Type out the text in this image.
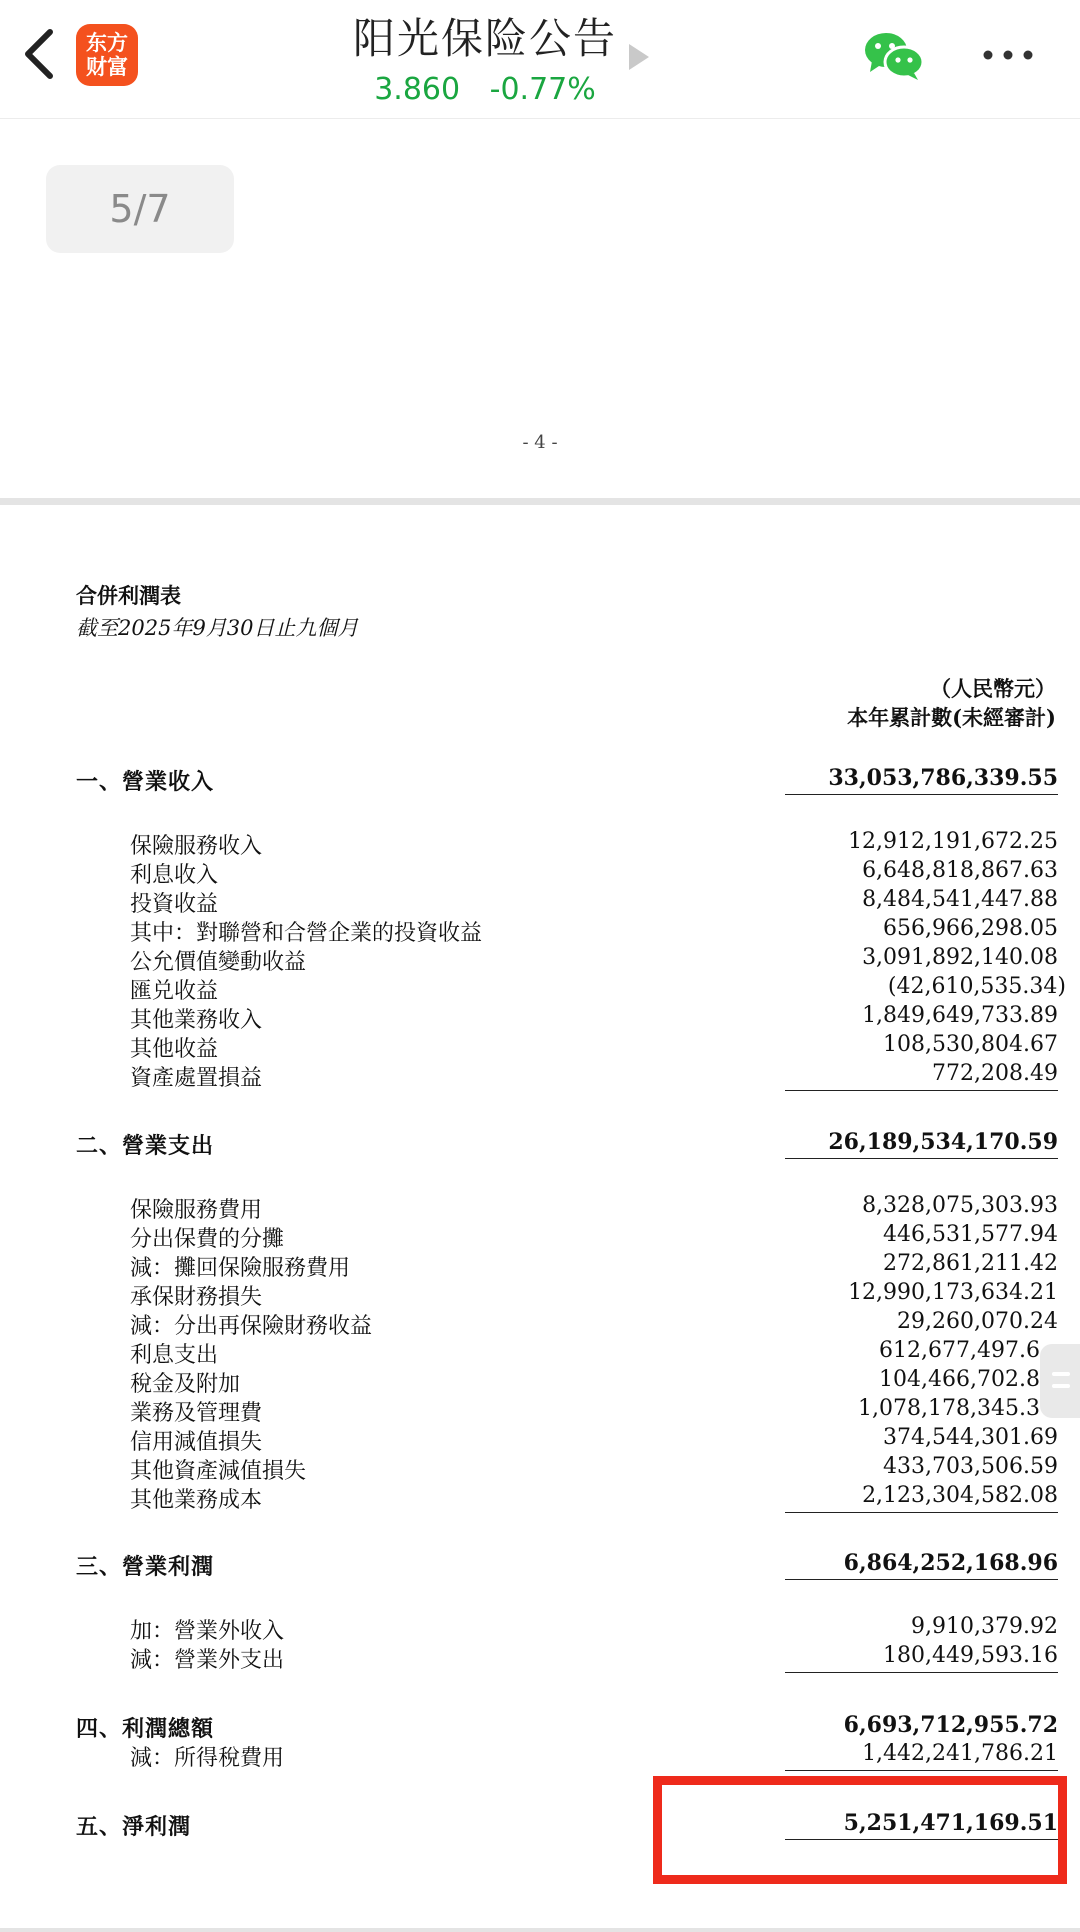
东方
财富
阳光保险公告
3.860 -0.77%
5/7
- 4 -
合併利潤表
截至2025年9月30日止九個月
（人民幣元）
本年累計數(未經審計)
一、營業收入	33,053,786,339.55
保險服務收入	12,912,191,672.25
利息收入	6,648,818,867.63
投資收益	8,484,541,447.88
其中：對聯營和合營企業的投資收益	656,966,298.05
公允價值變動收益	3,091,892,140.08
匯兑收益	(42,610,535.34)
其他業務收入	1,849,649,733.89
其他收益	108,530,804.67
資產處置損益	772,208.49
二、營業支出	26,189,534,170.59
保險服務費用	8,328,075,303.93
分出保費的分攤	446,531,577.94
減：攤回保險服務費用	272,861,211.42
承保財務損失	12,990,173,634.21
減：分出再保險財務收益	29,260,070.24
利息支出	612,677,497.6
稅金及附加	104,466,702.8
業務及管理費	1,078,178,345.3
信用減值損失	374,544,301.69
其他資產減值損失	433,703,506.59
其他業務成本	2,123,304,582.08
三、營業利潤	6,864,252,168.96
加：營業外收入	9,910,379.92
減：營業外支出	180,449,593.16
四、利潤總額	6,693,712,955.72
減：所得稅費用	1,442,241,786.21
五、淨利潤	5,251,471,169.51
